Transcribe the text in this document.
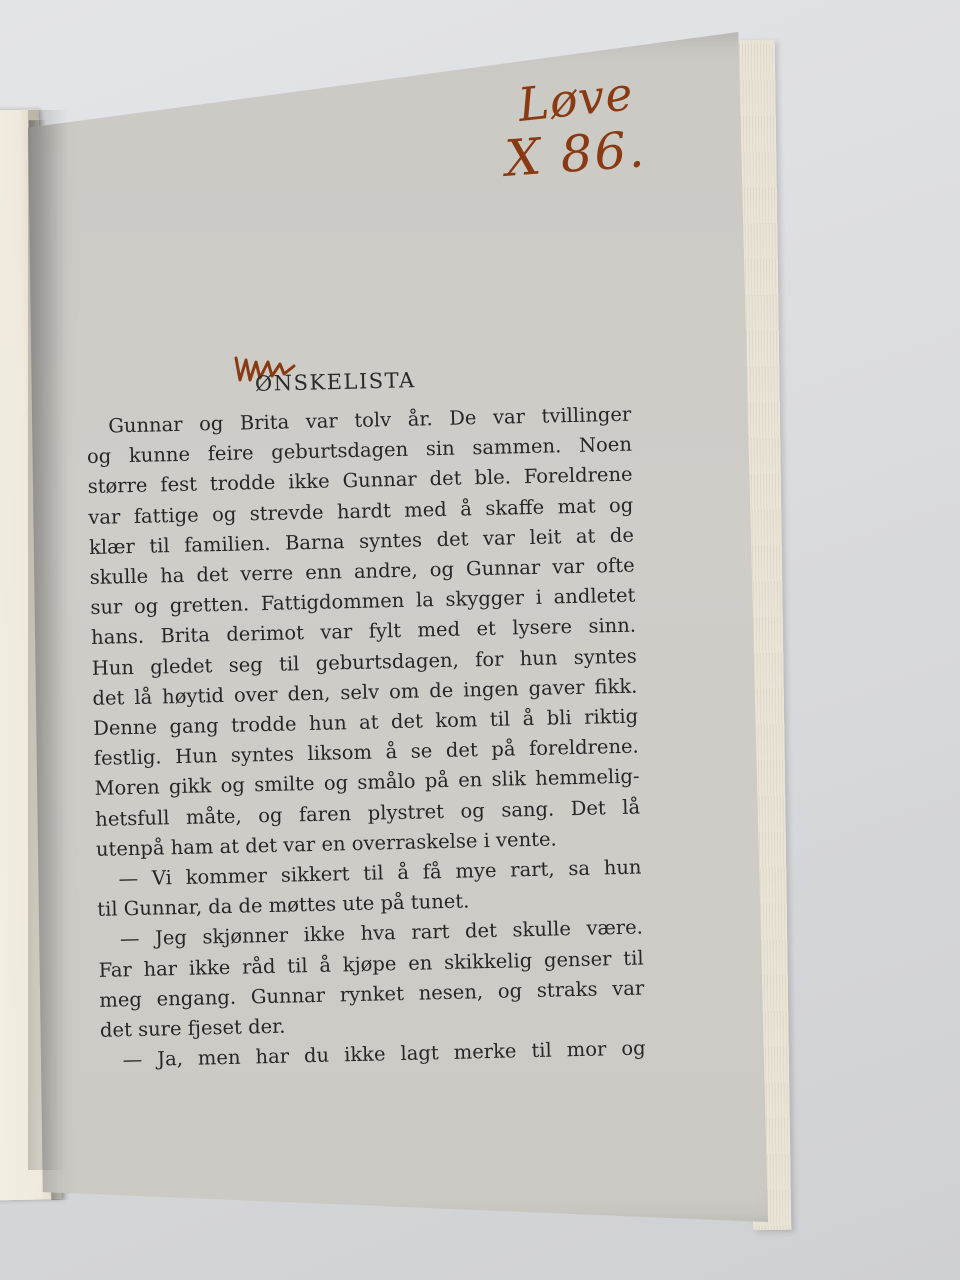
Løve
X 86.
ØNSKELISTA
Gunnar og Brita var tolv år. De var tvillinger
og kunne feire geburtsdagen sin sammen. Noen
større fest trodde ikke Gunnar det ble. Foreldrene
var fattige og strevde hardt med å skaffe mat og
klær til familien. Barna syntes det var leit at de
skulle ha det verre enn andre, og Gunnar var ofte
sur og gretten. Fattigdommen la skygger i andletet
hans. Brita derimot var fylt med et lysere sinn.
Hun gledet seg til geburtsdagen, for hun syntes
det lå høytid over den, selv om de ingen gaver fikk.
Denne gang trodde hun at det kom til å bli riktig
festlig. Hun syntes liksom å se det på foreldrene.
Moren gikk og smilte og smålo på en slik hemmelig-
hetsfull måte, og faren plystret og sang. Det lå
utenpå ham at det var en overraskelse i vente.
— Vi kommer sikkert til å få mye rart, sa hun
til Gunnar, da de møttes ute på tunet.
— Jeg skjønner ikke hva rart det skulle være.
Far har ikke råd til å kjøpe en skikkelig genser til
meg engang. Gunnar rynket nesen, og straks var
det sure fjeset der.
— Ja, men har du ikke lagt merke til mor og
